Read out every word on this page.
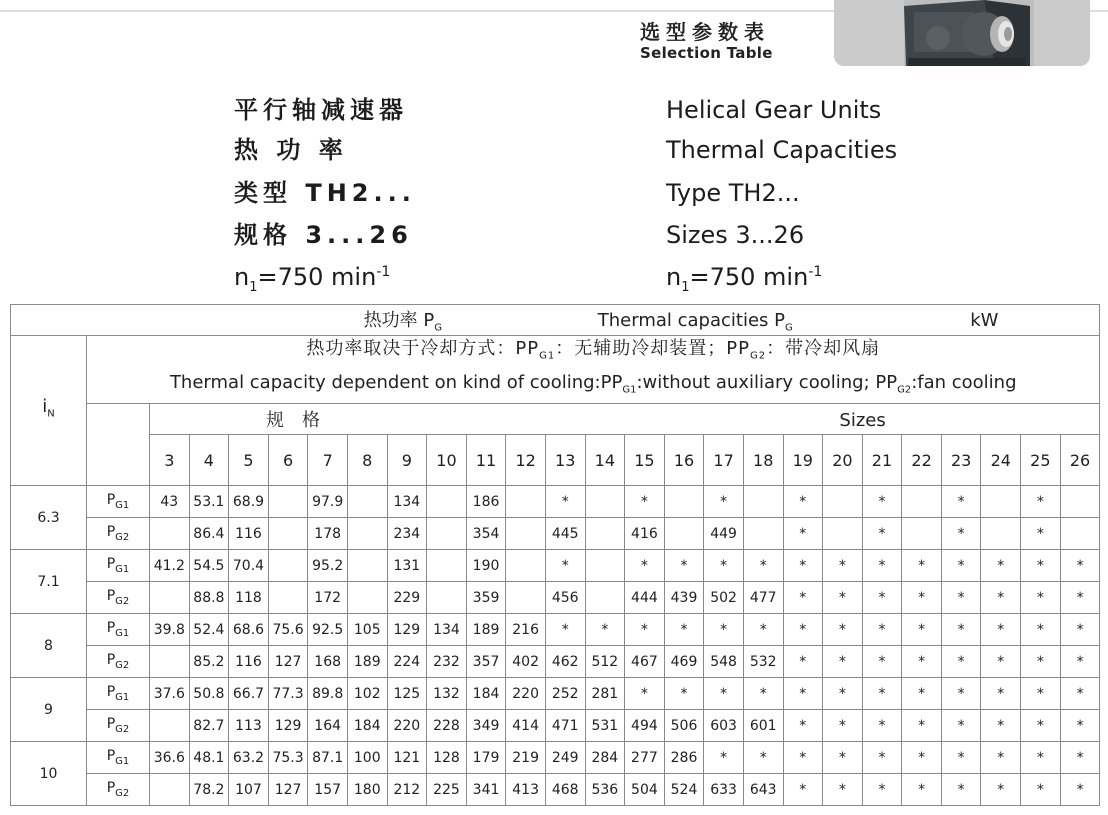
选型参数表
Selection Table
平行轴减速器
热 功 率
类型 TH2...
规格 3...26
$n_1=750$ $\min^{-1}$
Helical Gear Units
Thermal Capacities
Type TH2...
Sizes 3...26
$n_1=750$ $\min^{-1}$
热功率 $P_G$ Thermal capacities $P_G$ kW																									
$i_N$	热功率取决于冷却方式：$PP_{G1}$：无辅助冷却装置；$PP_{G2}$：带冷却风扇
Thermal capacity dependent on kind of $cooling:PP_{G1}:without$ auxiliary cooling; $PP_{G2}:fan$ cooling																								

		规　格 Sizes																							
		3	4	5	6	7	8	9	10	11	12	13	14	15	16	17	18	19	20	21	22	23	24	25	26
6.3	$P_{G1}$	43	53.1	68.9		97.9		134		186		*		*		*		*		*		*		*	
	$P_{G2}$		86.4	116		178		234		354		445		416		449		*		*		*		*	
7.1	$P_{G1}$	41.2	54.5	70.4		95.2		131		190		*		*	*	*	*	*	*	*	*	*	*	*	*
	$P_{G2}$		88.8	118		172		229		359		456		444	439	502	477	*	*	*	*	*	*	*	*
8	$P_{G1}$	39.8	52.4	68.6	75.6	92.5	105	129	134	189	216	*	*	*	*	*	*	*	*	*	*	*	*	*	*
	$P_{G2}$		85.2	116	127	168	189	224	232	357	402	462	512	467	469	548	532	*	*	*	*	*	*	*	*
9	$P_{G1}$	37.6	50.8	66.7	77.3	89.8	102	125	132	184	220	252	281	*	*	*	*	*	*	*	*	*	*	*	*
	$P_{G2}$		82.7	113	129	164	184	220	228	349	414	471	531	494	506	603	601	*	*	*	*	*	*	*	*
10	$P_{G1}$	36.6	48.1	63.2	75.3	87.1	100	121	128	179	219	249	284	277	286	*	*	*	*	*	*	*	*	*	*
	$P_{G2}$		78.2	107	127	157	180	212	225	341	413	468	536	504	524	633	643	*	*	*	*	*	*	*	*
